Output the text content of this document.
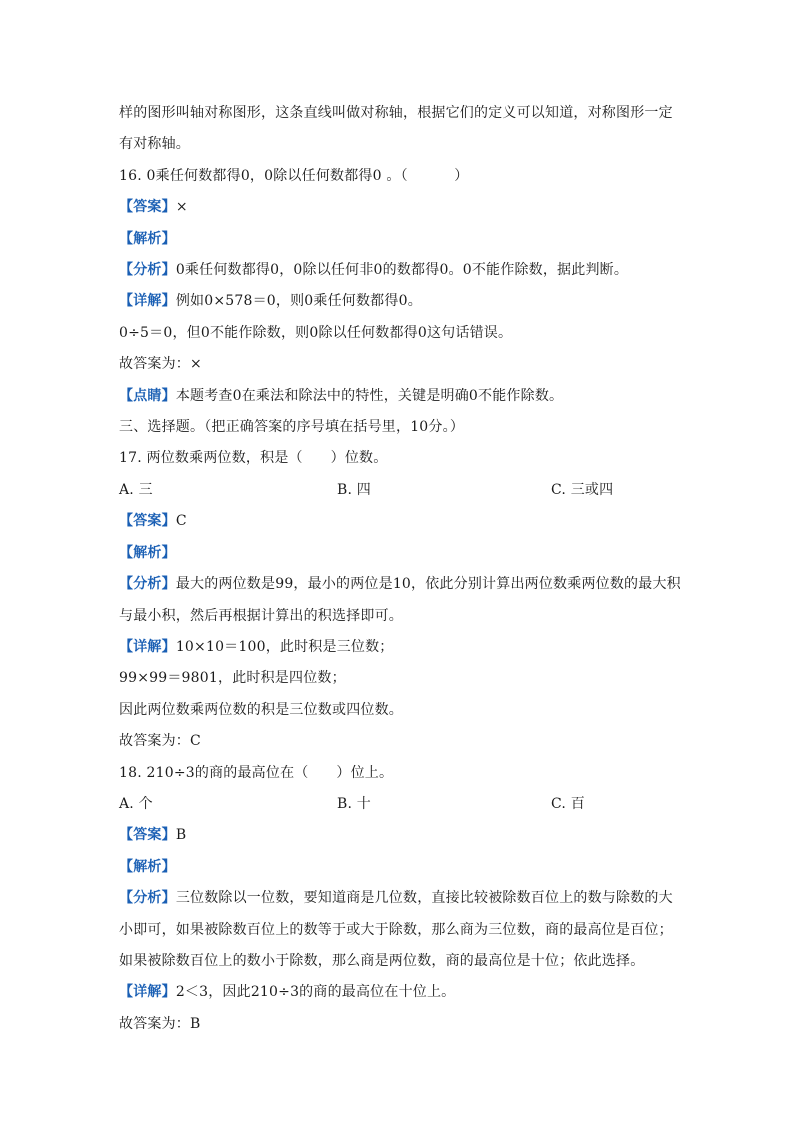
样的图形叫轴对称图形，这条直线叫做对称轴，根据它们的定义可以知道，对称图形一定
有对称轴。
16. 0乘任何数都得0，0除以任何数都得0 。（          ）
【答案】×
【解析】
【分析】0乘任何数都得0，0除以任何非0的数都得0。0不能作除数，据此判断。
【详解】例如0×578＝0，则0乘任何数都得0。
0÷5＝0，但0不能作除数，则0除以任何数都得0这句话错误。
故答案为：×
【点睛】本题考查0在乘法和除法中的特性，关键是明确0不能作除数。
三、选择题。（把正确答案的序号填在括号里，10分。）
17. 两位数乘两位数，积是（      ）位数。
A. 三	B. 四	C. 三或四
【答案】C
【解析】
【分析】最大的两位数是99，最小的两位是10，依此分别计算出两位数乘两位数的最大积
与最小积，然后再根据计算出的积选择即可。
【详解】10×10＝100，此时积是三位数；
99×99＝9801，此时积是四位数；
因此两位数乘两位数的积是三位数或四位数。
故答案为：C
18. 210÷3的商的最高位在（      ）位上。
A. 个	B. 十	C. 百
【答案】B
【解析】
【分析】三位数除以一位数，要知道商是几位数，直接比较被除数百位上的数与除数的大
小即可，如果被除数百位上的数等于或大于除数，那么商为三位数，商的最高位是百位；
如果被除数百位上的数小于除数，那么商是两位数，商的最高位是十位；依此选择。
【详解】2＜3，因此210÷3的商的最高位在十位上。
故答案为：B
